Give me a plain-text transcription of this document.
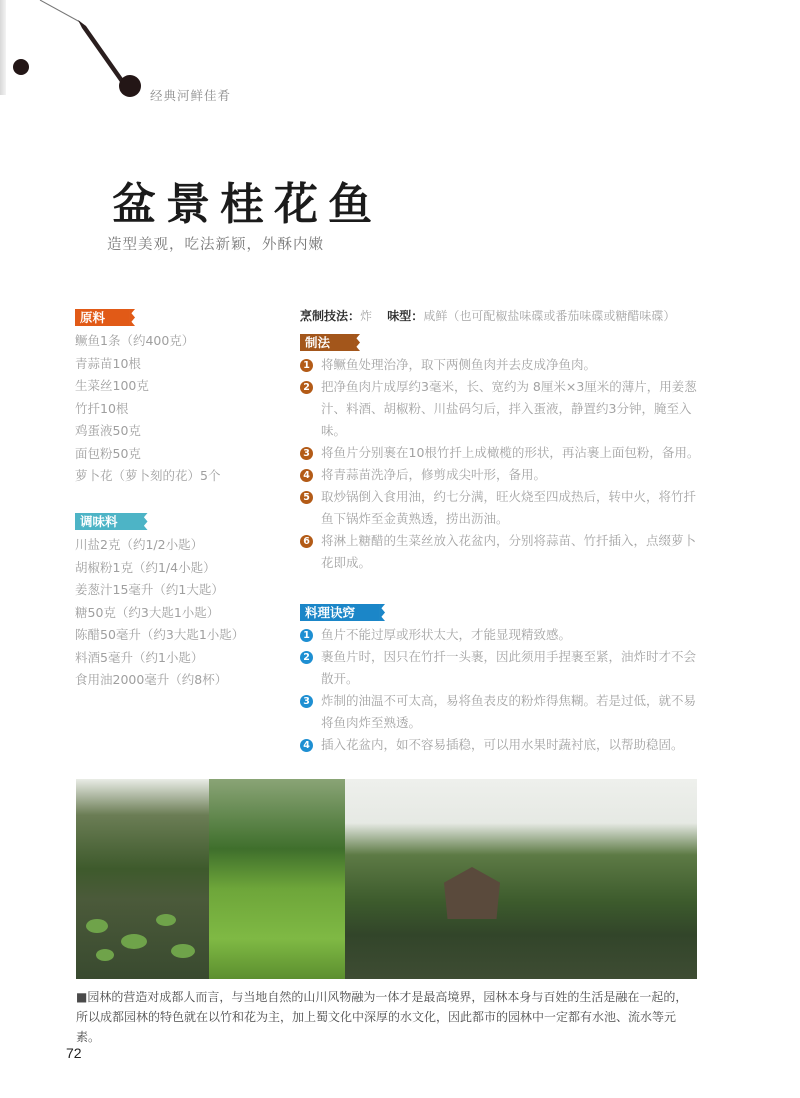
经典河鲜佳肴
盆景桂花鱼
造型美观，吃法新颖，外酥内嫩
原料
鳜鱼1条（约400克）
青蒜苗10根
生菜丝100克
竹扦10根
鸡蛋液50克
面包粉50克
萝卜花（萝卜刻的花）5个
调味料
川盐2克（约1/2小匙）
胡椒粉1克（约1/4小匙）
姜葱汁15毫升（约1大匙）
糖50克（约3大匙1小匙）
陈醋50毫升（约3大匙1小匙）
料酒5毫升（约1小匙）
食用油2000毫升（约8杯）
烹制技法：炸 味型：咸鲜（也可配椒盐味碟或番茄味碟或糖醋味碟）
制法
1 将鳜鱼处理治净，取下两侧鱼肉并去皮成净鱼肉。
2 把净鱼肉片成厚约3毫米，长、宽约为 8厘米×3厘米的薄片，用姜葱汁、料酒、胡椒粉、川盐码匀后，拌入蛋液，静置约3分钟，腌至入味。
3 将鱼片分别裹在10根竹扦上成橄榄的形状，再沾裹上面包粉，备用。
4 将青蒜苗洗净后，修剪成尖叶形，备用。
5 取炒锅倒入食用油，约七分满，旺火烧至四成热后，转中火，将竹扦鱼下锅炸至金黄熟透，捞出沥油。
6 将淋上糖醋的生菜丝放入花盆内，分别将蒜苗、竹扦插入，点缀萝卜花即成。
料理诀窍
1 鱼片不能过厚或形状太大，才能显现精致感。
2 裹鱼片时，因只在竹扦一头裹，因此须用手捏裹至紧，油炸时才不会散开。
3 炸制的油温不可太高，易将鱼表皮的粉炸得焦糊。若是过低，就不易将鱼肉炸至熟透。
4 插入花盆内，如不容易插稳，可以用水果时蔬衬底，以帮助稳固。
■园林的营造对成都人而言，与当地自然的山川风物融为一体才是最高境界，园林本身与百姓的生活是融在一起的，所以成都园林的特色就在以竹和花为主，加上蜀文化中深厚的水文化，因此都市的园林中一定都有水池、流水等元素。
72
